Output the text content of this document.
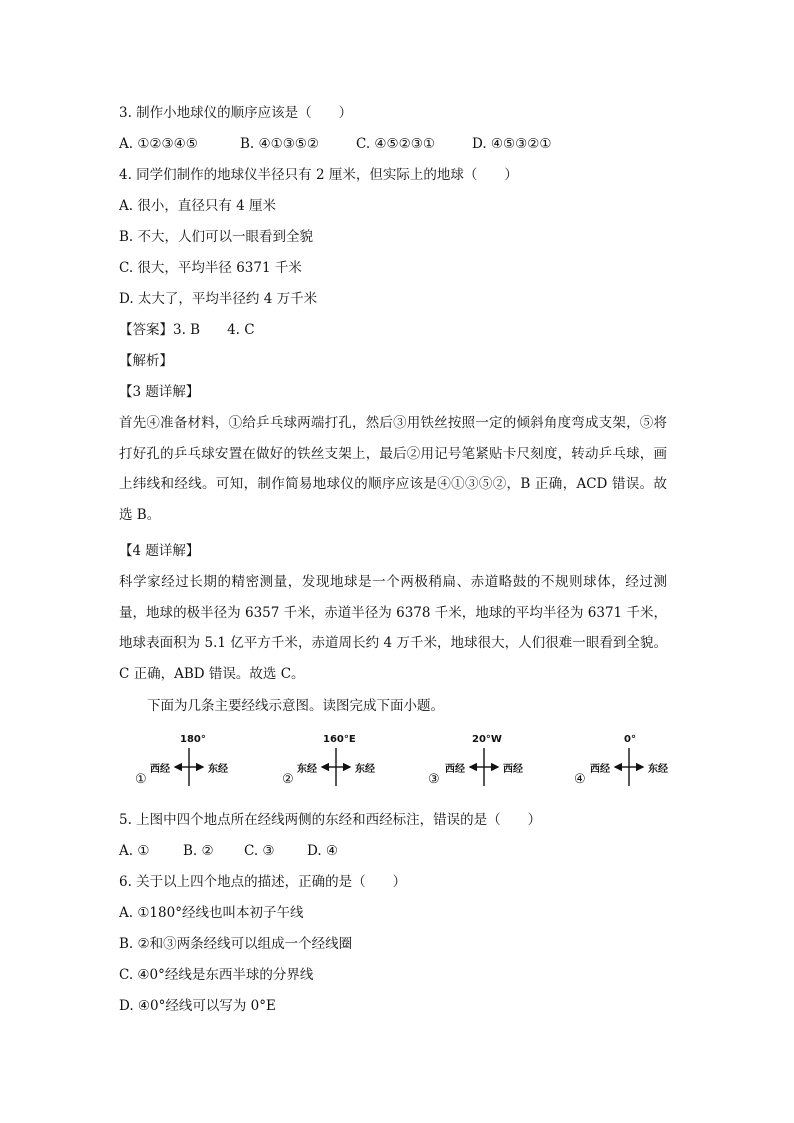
3. 制作小地球仪的顺序应该是（　　）
A. ①②③④⑤	B. ④①③⑤②	C. ④⑤②③①	D. ④⑤③②①
4. 同学们制作的地球仪半径只有 2 厘米，但实际上的地球（　　）
A. 很小，直径只有 4 厘米
B. 不大，人们可以一眼看到全貌
C. 很大，平均半径 6371 千米
D. 太大了，平均半径约 4 万千米
【答案】3. B　　4. C
【解析】
【3 题详解】
首先④准备材料，①给乒乓球两端打孔，然后③用铁丝按照一定的倾斜角度弯成支架，⑤将打好孔的乒乓球安置在做好的铁丝支架上，最后②用记号笔紧贴卡尺刻度，转动乒乓球，画上纬线和经线。可知，制作简易地球仪的顺序应该是④①③⑤②，B 正确，ACD 错误。故选 B。
【4 题详解】
科学家经过长期的精密测量，发现地球是一个两极稍扁、赤道略鼓的不规则球体，经过测量，地球的极半径为 6357 千米，赤道半径为 6378 千米，地球的平均半径为 6371 千米，地球表面积为 5.1 亿平方千米，赤道周长约 4 万千米，地球很大，人们很难一眼看到全貌。C 正确，ABD 错误。故选 C。
下面为几条主要经线示意图。读图完成下面小题。
180°
西经	东经
①
160°E
东经	东经
②
20°W
西经	西经
③
0°
西经	东经
④
5. 上图中四个地点所在经线两侧的东经和西经标注，错误的是（　　）
A. ① B. ② C. ③ D. ④
6. 关于以上四个地点的描述，正确的是（　　）
A. ①180°经线也叫本初子午线
B. ②和③两条经线可以组成一个经线圈
C. ④0°经线是东西半球的分界线
D. ④0°经线可以写为 0°E
